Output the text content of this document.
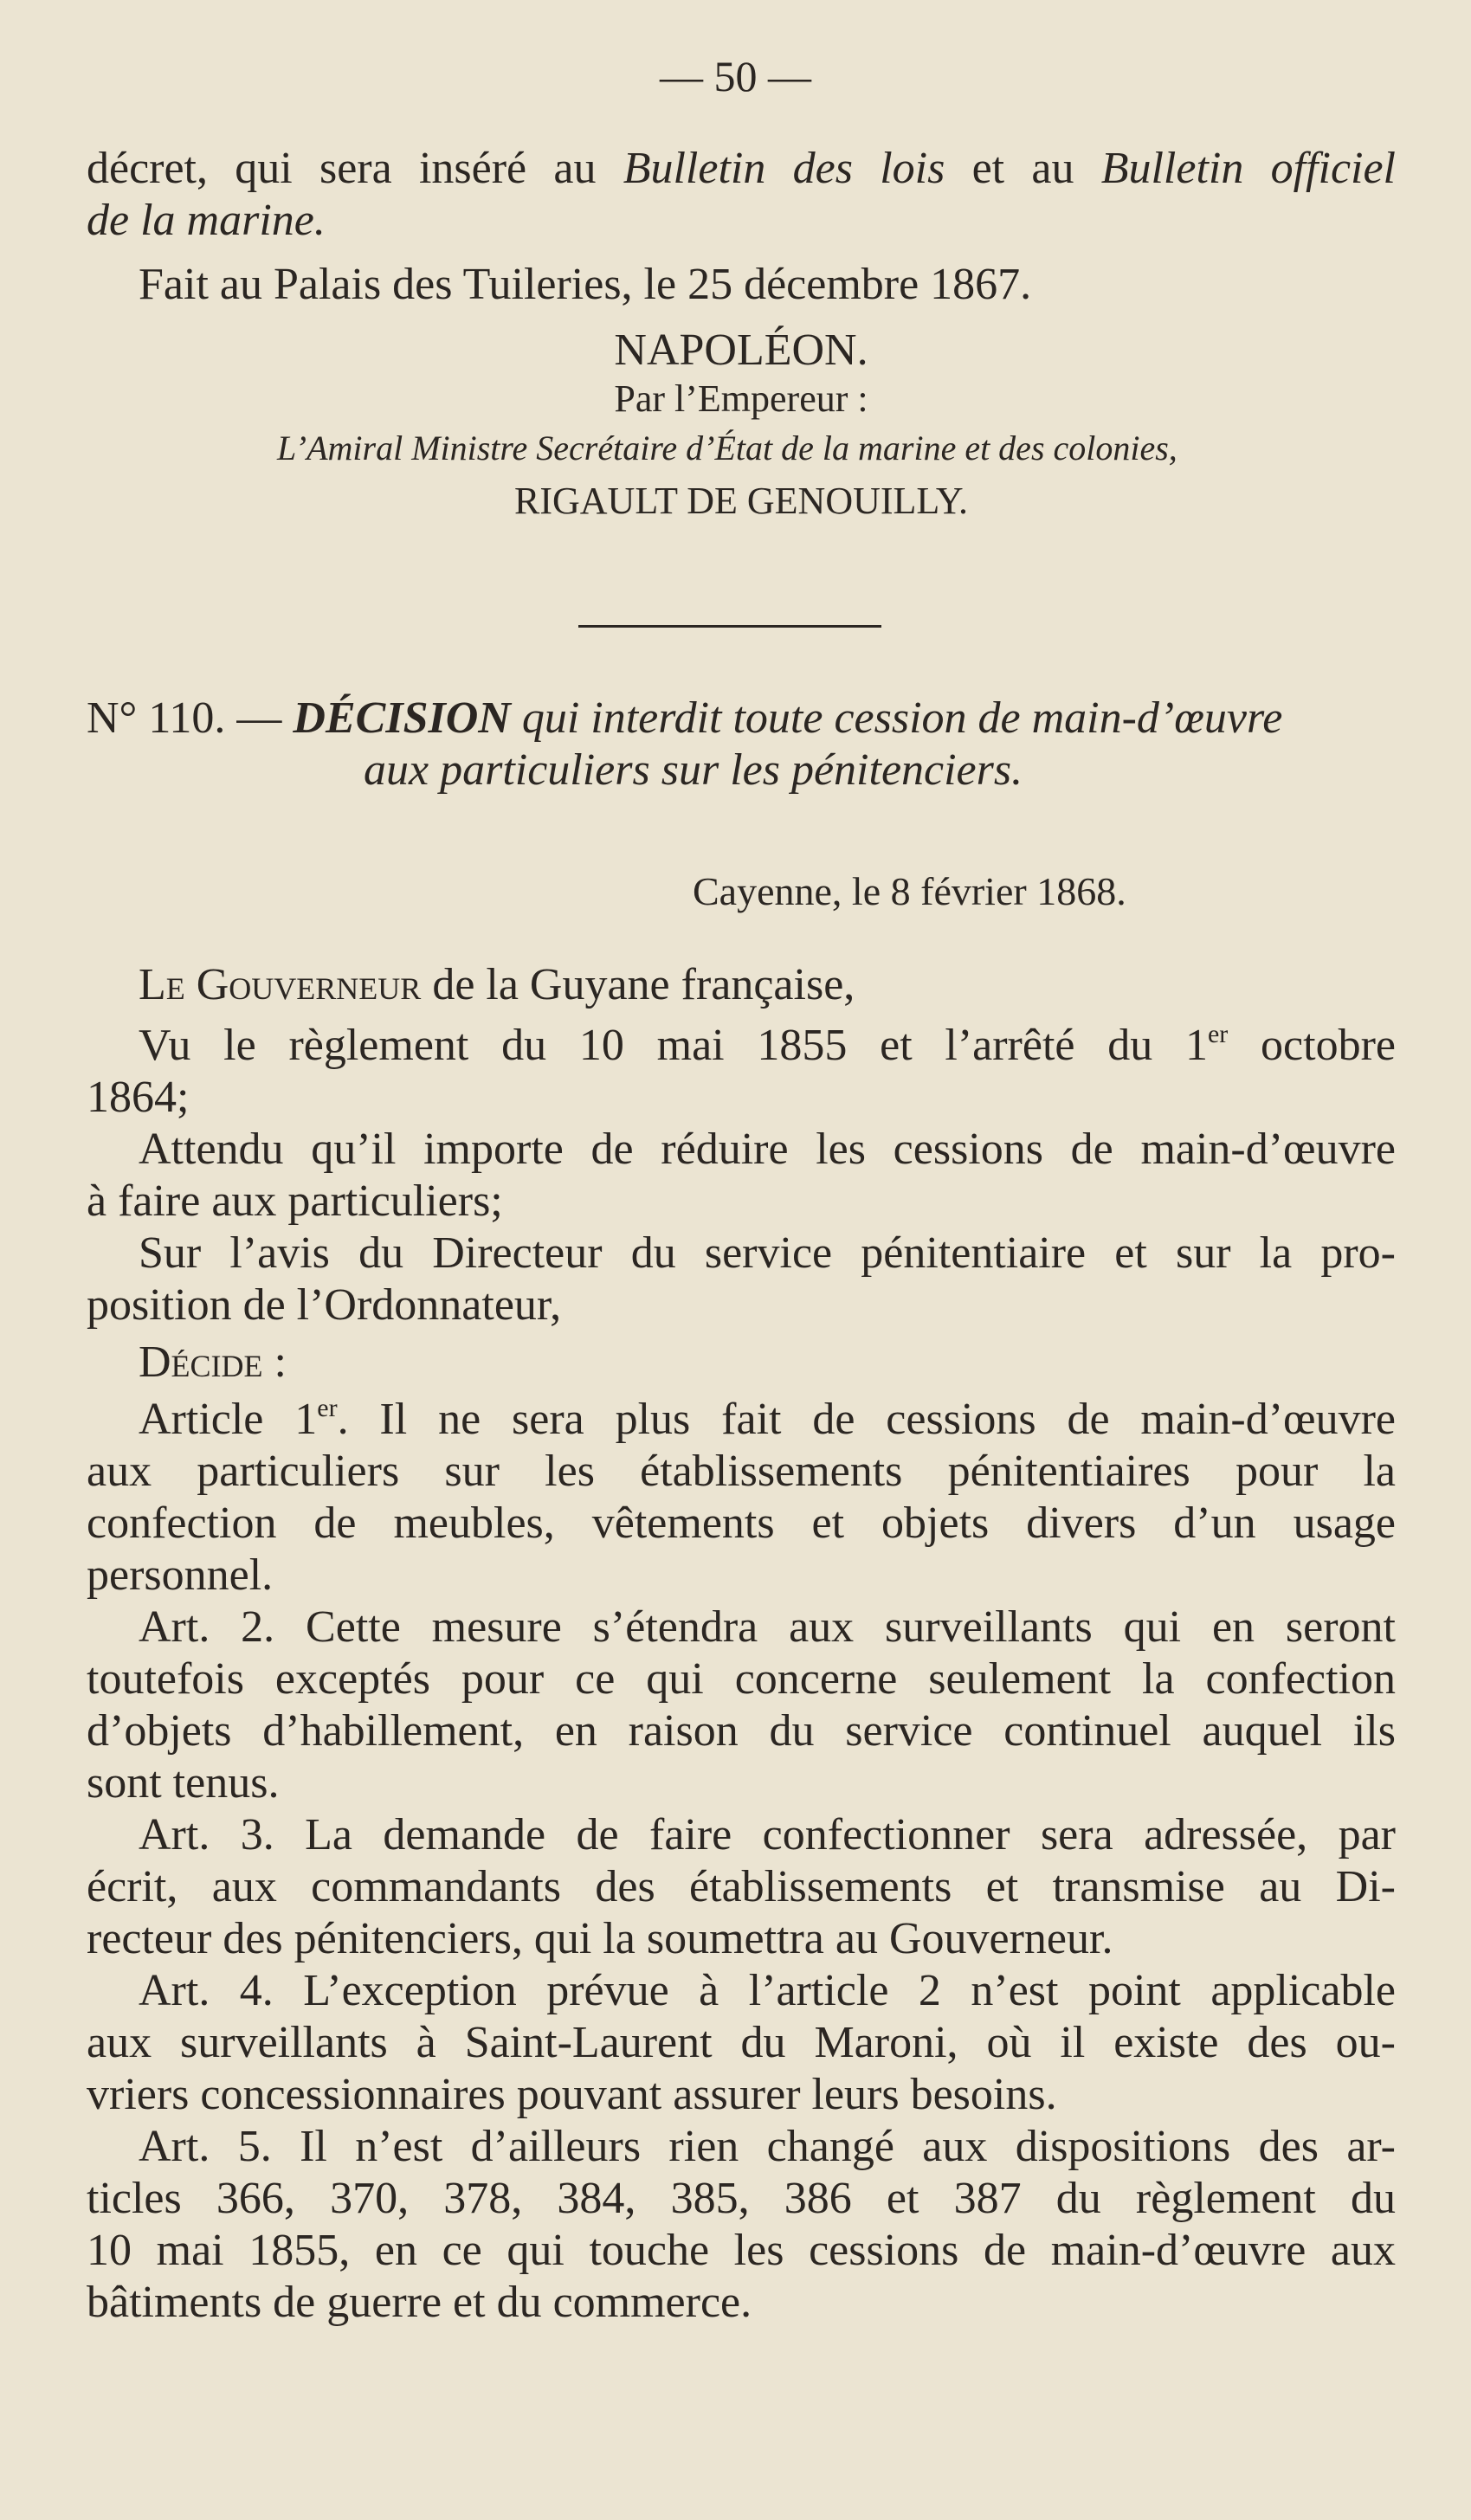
— 50 —
décret, qui sera inséré au Bulletin des lois et au Bulletin officiel
de la marine.
Fait au Palais des Tuileries, le 25 décembre 1867.
NAPOLÉON.
Par l’Empereur :
L’Amiral Ministre Secrétaire d’État de la marine et des colonies,
RIGAULT DE GENOUILLY.
N° 110. — DÉCISION qui interdit toute cession de main-d’œuvre
aux particuliers sur les pénitenciers.
Cayenne, le 8 février 1868.
Le Gouverneur de la Guyane française,
Vu le règlement du 10 mai 1855 et l’arrêté du 1er octobre
1864;
Attendu qu’il importe de réduire les cessions de main-d’œuvre
à faire aux particuliers;
Sur l’avis du Directeur du service pénitentiaire et sur la pro-
position de l’Ordonnateur,
Décide :
Article 1er. Il ne sera plus fait de cessions de main-d’œuvre
aux particuliers sur les établissements pénitentiaires pour la
confection de meubles, vêtements et objets divers d’un usage
personnel.
Art. 2. Cette mesure s’étendra aux surveillants qui en seront
toutefois exceptés pour ce qui concerne seulement la confection
d’objets d’habillement, en raison du service continuel auquel ils
sont tenus.
Art. 3. La demande de faire confectionner sera adressée, par
écrit, aux commandants des établissements et transmise au Di-
recteur des pénitenciers, qui la soumettra au Gouverneur.
Art. 4. L’exception prévue à l’article 2 n’est point applicable
aux surveillants à Saint-Laurent du Maroni, où il existe des ou-
vriers concessionnaires pouvant assurer leurs besoins.
Art. 5. Il n’est d’ailleurs rien changé aux dispositions des ar-
ticles 366, 370, 378, 384, 385, 386 et 387 du règlement du
10 mai 1855, en ce qui touche les cessions de main-d’œuvre aux
bâtiments de guerre et du commerce.
